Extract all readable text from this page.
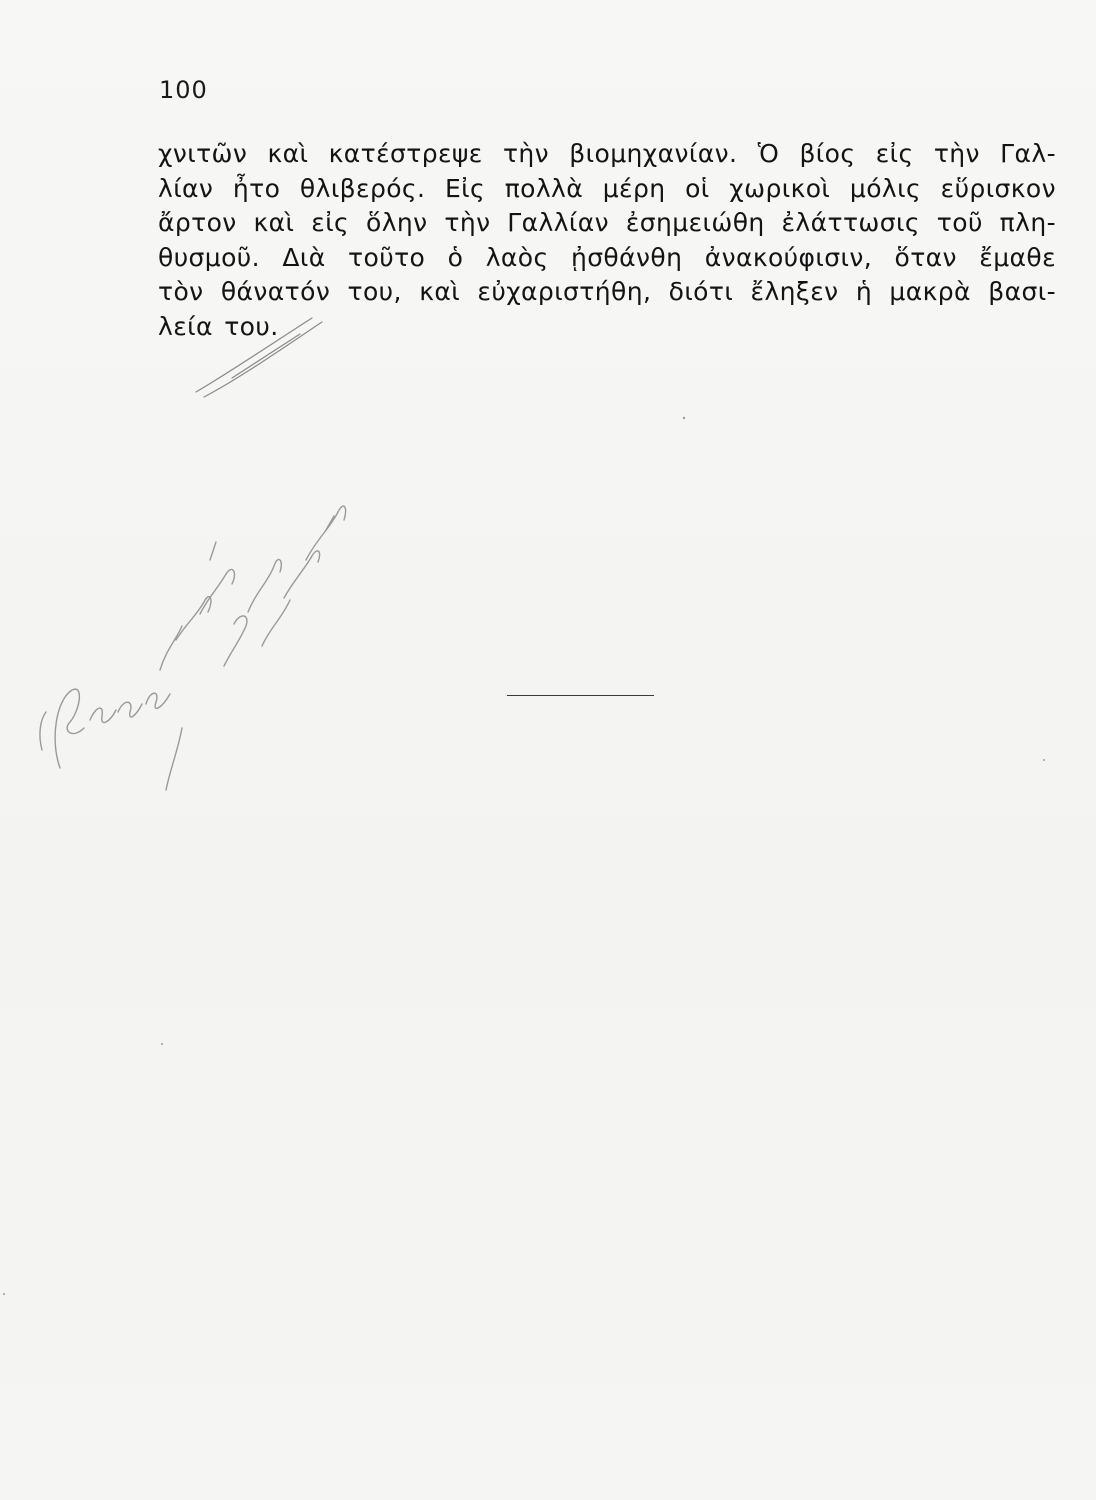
100
χνιτῶν καὶ κατέστρεψε τὴν βιομηχανίαν. Ὁ βίος εἰς τὴν Γαλ-
λίαν ἦτο θλιβερός. Εἰς πολλὰ μέρη οἱ χωρικοὶ μόλις εὕρισκον
ἄρτον καὶ εἰς ὅλην τὴν Γαλλίαν ἐσημειώθη ἐλάττωσις τοῦ πλη-
θυσμοῦ. Διὰ τοῦτο ὁ λαὸς ᾐσθάνθη ἀνακούφισιν, ὅταν ἔμαθε
τὸν θάνατόν του, καὶ εὐχαριστήθη, διότι ἔληξεν ἡ μακρὰ βασι-
λεία του.
